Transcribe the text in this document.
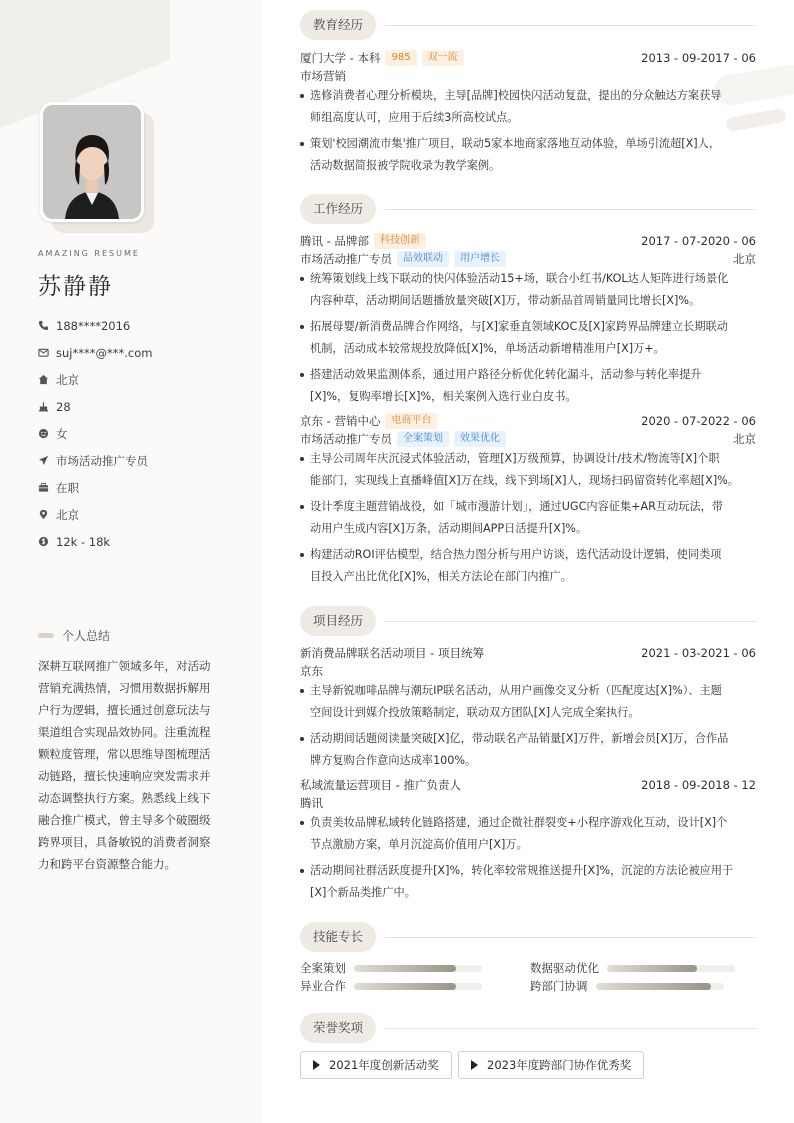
AMAZING RESUME
苏静静
188****2016
suj****@***.com
北京
28
女
市场活动推广专员
在职
北京
12k - 18k
个人总结
深耕互联网推广领域多年，对活动
营销充满热情，习惯用数据拆解用
户行为逻辑，擅长通过创意玩法与
渠道组合实现品效协同。注重流程
颗粒度管理，常以思维导图梳理活
动链路，擅长快速响应突发需求并
动态调整执行方案。熟悉线上线下
融合推广模式，曾主导多个破圈级
跨界项目，具备敏锐的消费者洞察
力和跨平台资源整合能力。
教育经历
厦门大学 - 本科	985	双一流	2013 - 09-2017 - 06
市场营销
选修消费者心理分析模块，主导[品牌]校园快闪活动复盘，提出的分众触达方案获导
师组高度认可，应用于后续3所高校试点。
策划'校园潮流市集'推广项目，联动5家本地商家落地互动体验，单场引流超[X]人，
活动数据简报被学院收录为教学案例。
工作经历
腾讯 - 品牌部	科技创新	2017 - 07-2020 - 06
市场活动推广专员	品效联动	用户增长	北京
统筹策划线上线下联动的快闪体验活动15+场，联合小红书/KOL达人矩阵进行场景化
内容种草，活动期间话题播放量突破[X]万，带动新品首周销量同比增长[X]%。
拓展母婴/新消费品牌合作网络，与[X]家垂直领域KOC及[X]家跨界品牌建立长期联动
机制，活动成本较常规投放降低[X]%，单场活动新增精准用户[X]万+。
搭建活动效果监测体系，通过用户路径分析优化转化漏斗，活动参与转化率提升
[X]%，复购率增长[X]%，相关案例入选行业白皮书。
京东 - 营销中心	电商平台	2020 - 07-2022 - 06
市场活动推广专员	全案策划	效果优化	北京
主导公司周年庆沉浸式体验活动，管理[X]万级预算，协调设计/技术/物流等[X]个职
能部门，实现线上直播峰值[X]万在线，线下到场[X]人，现场扫码留资转化率超[X]%。
设计季度主题营销战役，如「城市漫游计划」，通过UGC内容征集+AR互动玩法，带
动用户生成内容[X]万条，活动期间APP日活提升[X]%。
构建活动ROI评估模型，结合热力图分析与用户访谈，迭代活动设计逻辑，使同类项
目投入产出比优化[X]%，相关方法论在部门内推广。
项目经历
新消费品牌联名活动项目 - 项目统筹	2021 - 03-2021 - 06
京东
主导新锐咖啡品牌与潮玩IP联名活动，从用户画像交叉分析（匹配度达[X]%）、主题
空间设计到媒介投放策略制定，联动双方团队[X]人完成全案执行。
活动期间话题阅读量突破[X]亿，带动联名产品销量[X]万件，新增会员[X]万，合作品
牌方复购合作意向达成率100%。
私域流量运营项目 - 推广负责人	2018 - 09-2018 - 12
腾讯
负责美妆品牌私域转化链路搭建，通过企微社群裂变+小程序游戏化互动，设计[X]个
节点激励方案，单月沉淀高价值用户[X]万。
活动期间社群活跃度提升[X]%，转化率较常规推送提升[X]%，沉淀的方法论被应用于
[X]个新品类推广中。
技能专长
全案策划	数据驱动优化
异业合作	跨部门协调
荣誉奖项
2021年度创新活动奖	2023年度跨部门协作优秀奖
